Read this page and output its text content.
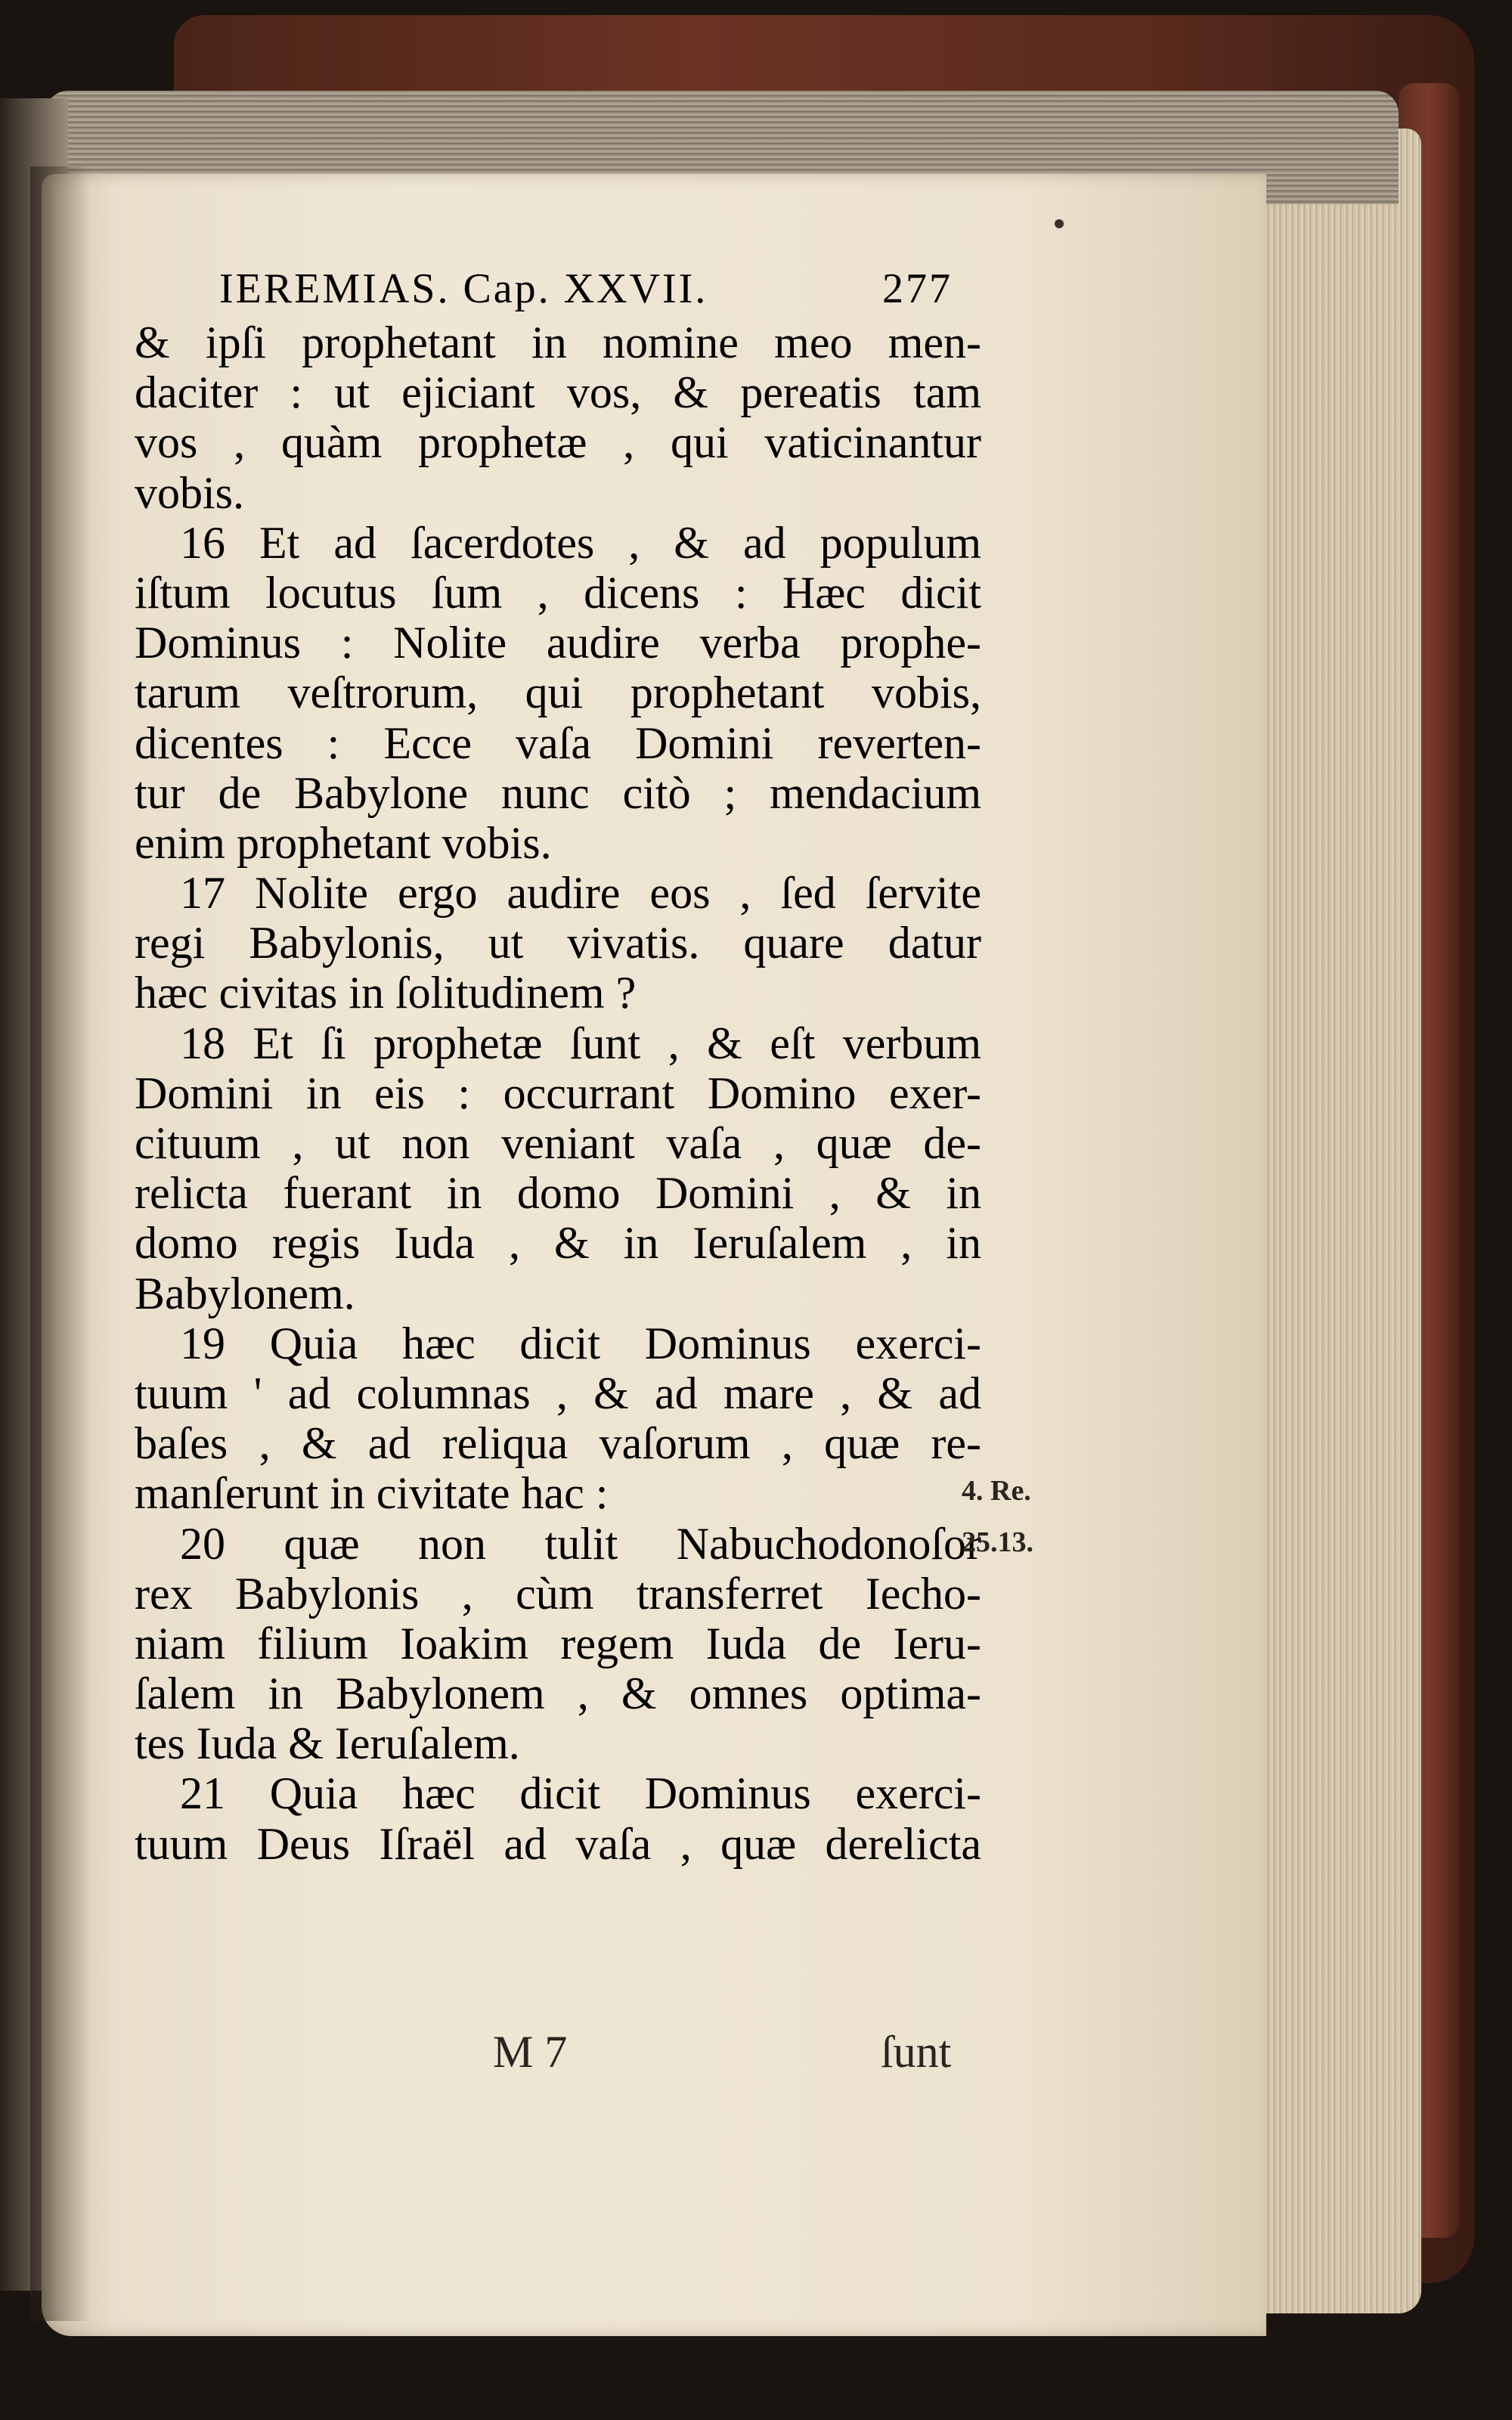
IEREMIAS. Cap. XXVII.	277
& ipſi prophetant in nomine meo men-
daciter : ut ejiciant vos, & pereatis tam
vos , quàm prophetæ , qui vaticinantur
vobis.
16 Et ad ſacerdotes , & ad populum
iſtum locutus ſum , dicens : Hæc dicit
Dominus : Nolite audire verba prophe-
tarum veſtrorum, qui prophetant vobis,
dicentes : Ecce vaſa Domini reverten-
tur de Babylone nunc citò ; mendacium
enim prophetant vobis.
17 Nolite ergo audire eos , ſed ſervite
regi Babylonis, ut vivatis. quare datur
hæc civitas in ſolitudinem ?
18 Et ſi prophetæ ſunt , & eſt verbum
Domini in eis : occurrant Domino exer-
cituum , ut non veniant vaſa , quæ de-
relicta fuerant in domo Domini , & in
domo regis Iuda , & in Ieruſalem , in
Babylonem.
19 Quia hæc dicit Dominus exerci-
tuum ' ad columnas , & ad mare , & ad
baſes , & ad reliqua vaſorum , quæ re-
manſerunt in civitate hac :
20 quæ non tulit Nabuchodonoſor
rex Babylonis , cùm transferret Iecho-
niam filium Ioakim regem Iuda de Ieru-
ſalem in Babylonem , & omnes optima-
tes Iuda & Ieruſalem.
21 Quia hæc dicit Dominus exerci-
tuum Deus Iſraël ad vaſa , quæ derelicta
4. Re.
25.13.
M 7	ſunt
